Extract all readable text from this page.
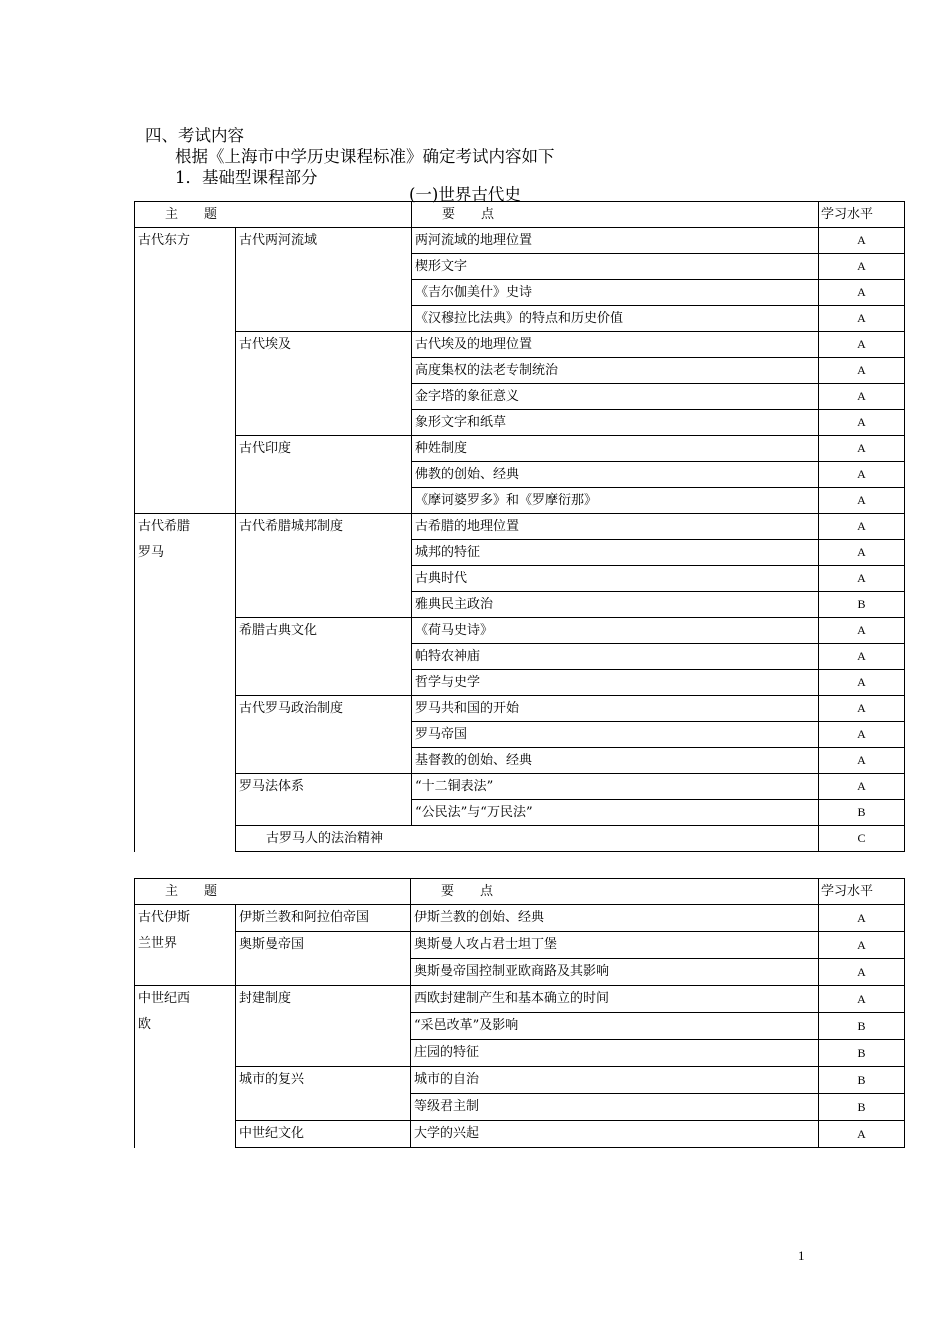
四、考试内容
根据《上海市中学历史课程标准》确定考试内容如下
1．基础型课程部分
(一)世界古代史
主　　题		要　　点	学习水平
古代东方	古代两河流域	两河流域的地理位置	A
		楔形文字	A
		《吉尔伽美什》史诗	A
		《汉穆拉比法典》的特点和历史价值	A
	古代埃及	古代埃及的地理位置	A
		高度集权的法老专制统治	A
		金字塔的象征意义	A
		象形文字和纸草	A
	古代印度	种姓制度	A
		佛教的创始、经典	A
		《摩诃婆罗多》和《罗摩衍那》	A

古代希腊
罗马	古代希腊城邦制度	古希腊的地理位置	A
		城邦的特征	A
		古典时代	A
		雅典民主政治	B
	希腊古典文化	《荷马史诗》	A
		帕特农神庙	A
		哲学与史学	A
	古代罗马政治制度	罗马共和国的开始	A
		罗马帝国	A
		基督教的创始、经典	A
	罗马法体系	“十二铜表法”	A
		“公民法”与“万民法”	B
	古罗马人的法治精神		C
主　　题		要　　点	学习水平

古代伊斯
兰世界	伊斯兰教和阿拉伯帝国	伊斯兰教的创始、经典	A
	奥斯曼帝国	奥斯曼人攻占君士坦丁堡	A
		奥斯曼帝国控制亚欧商路及其影响	A

中世纪西
欧	封建制度	西欧封建制产生和基本确立的时间	A
		“采邑改革”及影响	B
		庄园的特征	B
	城市的复兴	城市的自治	B
		等级君主制	B
	中世纪文化	大学的兴起	A
1
